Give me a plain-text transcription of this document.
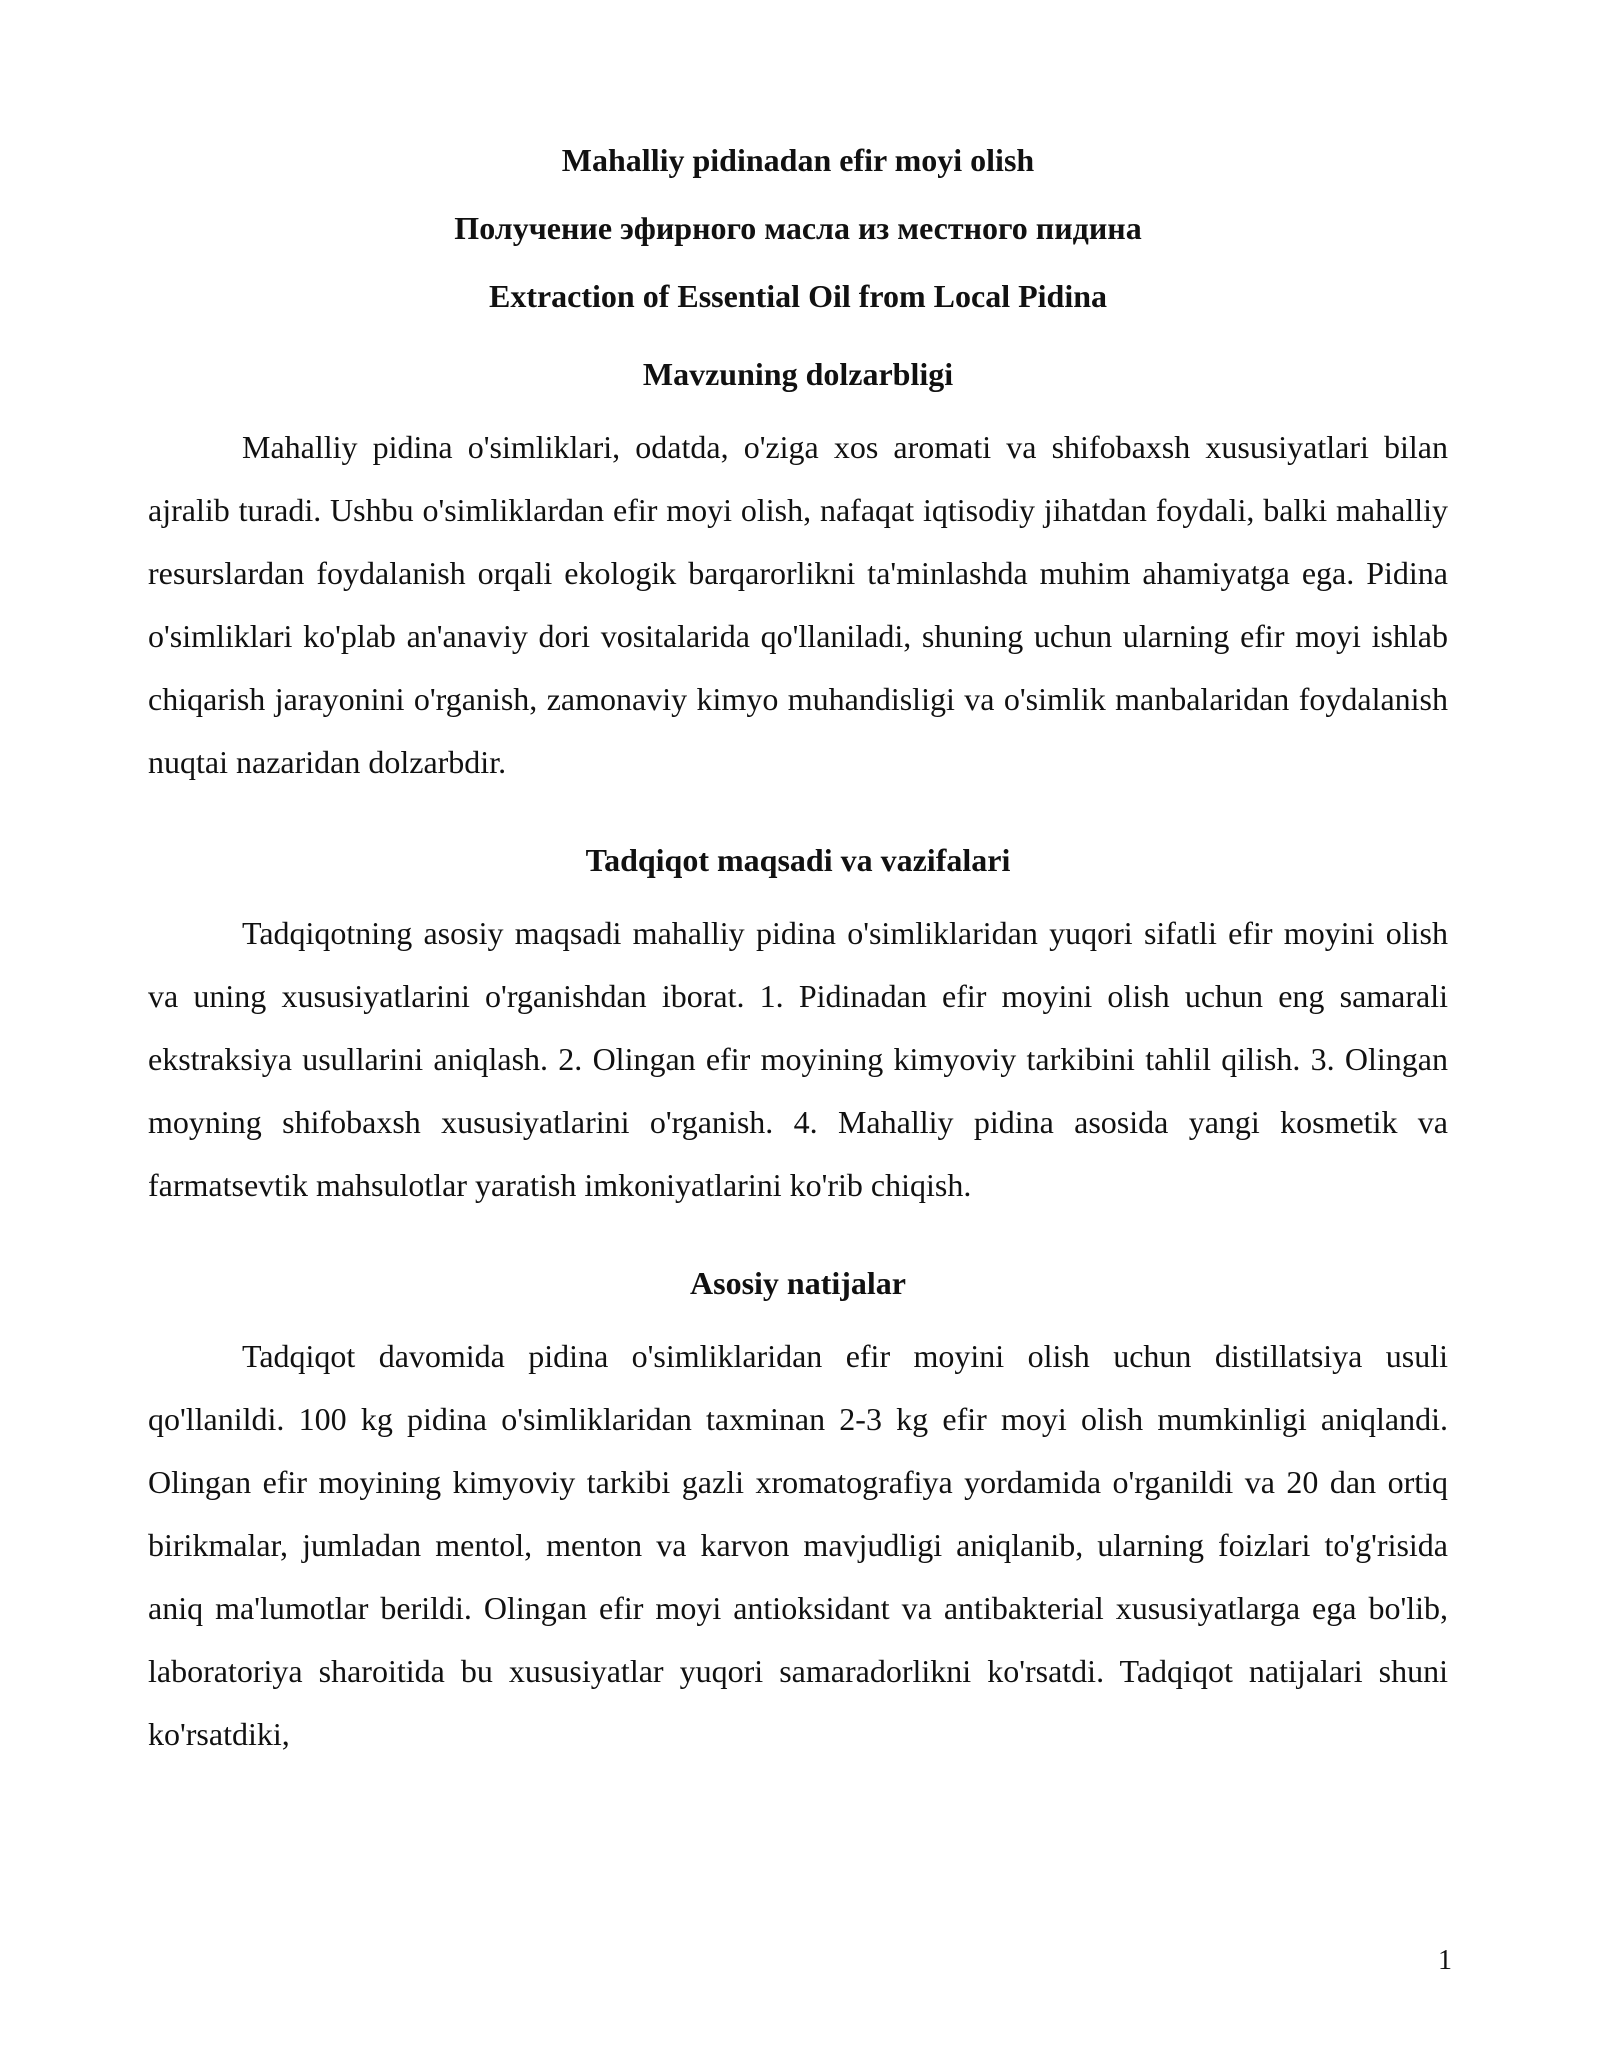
Mahalliy pidinadan efir moyi olish
Получение эфирного масла из местного пидина
Extraction of Essential Oil from Local Pidina
Mavzuning dolzarbligi

Mahalliy pidina o'simliklari, odatda, o'ziga xos aromati va shifobaxsh xususiyatlari bilan ajralib turadi. Ushbu o'simliklardan efir moyi olish, nafaqat iqtisodiy jihatdan foydali, balki mahalliy resurslardan foydalanish orqali ekologik barqarorlikni ta'minlashda muhim ahamiyatga ega. Pidina o'simliklari ko'plab an'anaviy dori vositalarida qo'llaniladi, shuning uchun ularning efir moyi ishlab chiqarish jarayonini o'rganish, zamonaviy kimyo muhandisligi va o'simlik manbalaridan foydalanish nuqtai nazaridan dolzarbdir.

Tadqiqot maqsadi va vazifalari

Tadqiqotning asosiy maqsadi mahalliy pidina o'simliklaridan yuqori sifatli efir moyini olish va uning xususiyatlarini o'rganishdan iborat. 1. Pidinadan efir moyini olish uchun eng samarali ekstraksiya usullarini aniqlash. 2. Olingan efir moyining kimyoviy tarkibini tahlil qilish. 3. Olingan moyning shifobaxsh xususiyatlarini o'rganish. 4. Mahalliy pidina asosida yangi kosmetik va farmatsevtik mahsulotlar yaratish imkoniyatlarini ko'rib chiqish.

Asosiy natijalar

Tadqiqot davomida pidina o'simliklaridan efir moyini olish uchun distillatsiya usuli qo'llanildi. 100 kg pidina o'simliklaridan taxminan 2-3 kg efir moyi olish mumkinligi aniqlandi. Olingan efir moyining kimyoviy tarkibi gazli xromatografiya yordamida o'rganildi va 20 dan ortiq birikmalar, jumladan mentol, menton va karvon mavjudligi aniqlanib, ularning foizlari to'g'risida aniq ma'lumotlar berildi. Olingan efir moyi antioksidant va antibakterial xususiyatlarga ega bo'lib, laboratoriya sharoitida bu xususiyatlar yuqori samaradorlikni ko'rsatdi. Tadqiqot natijalari shuni ko'rsatdiki,

1
